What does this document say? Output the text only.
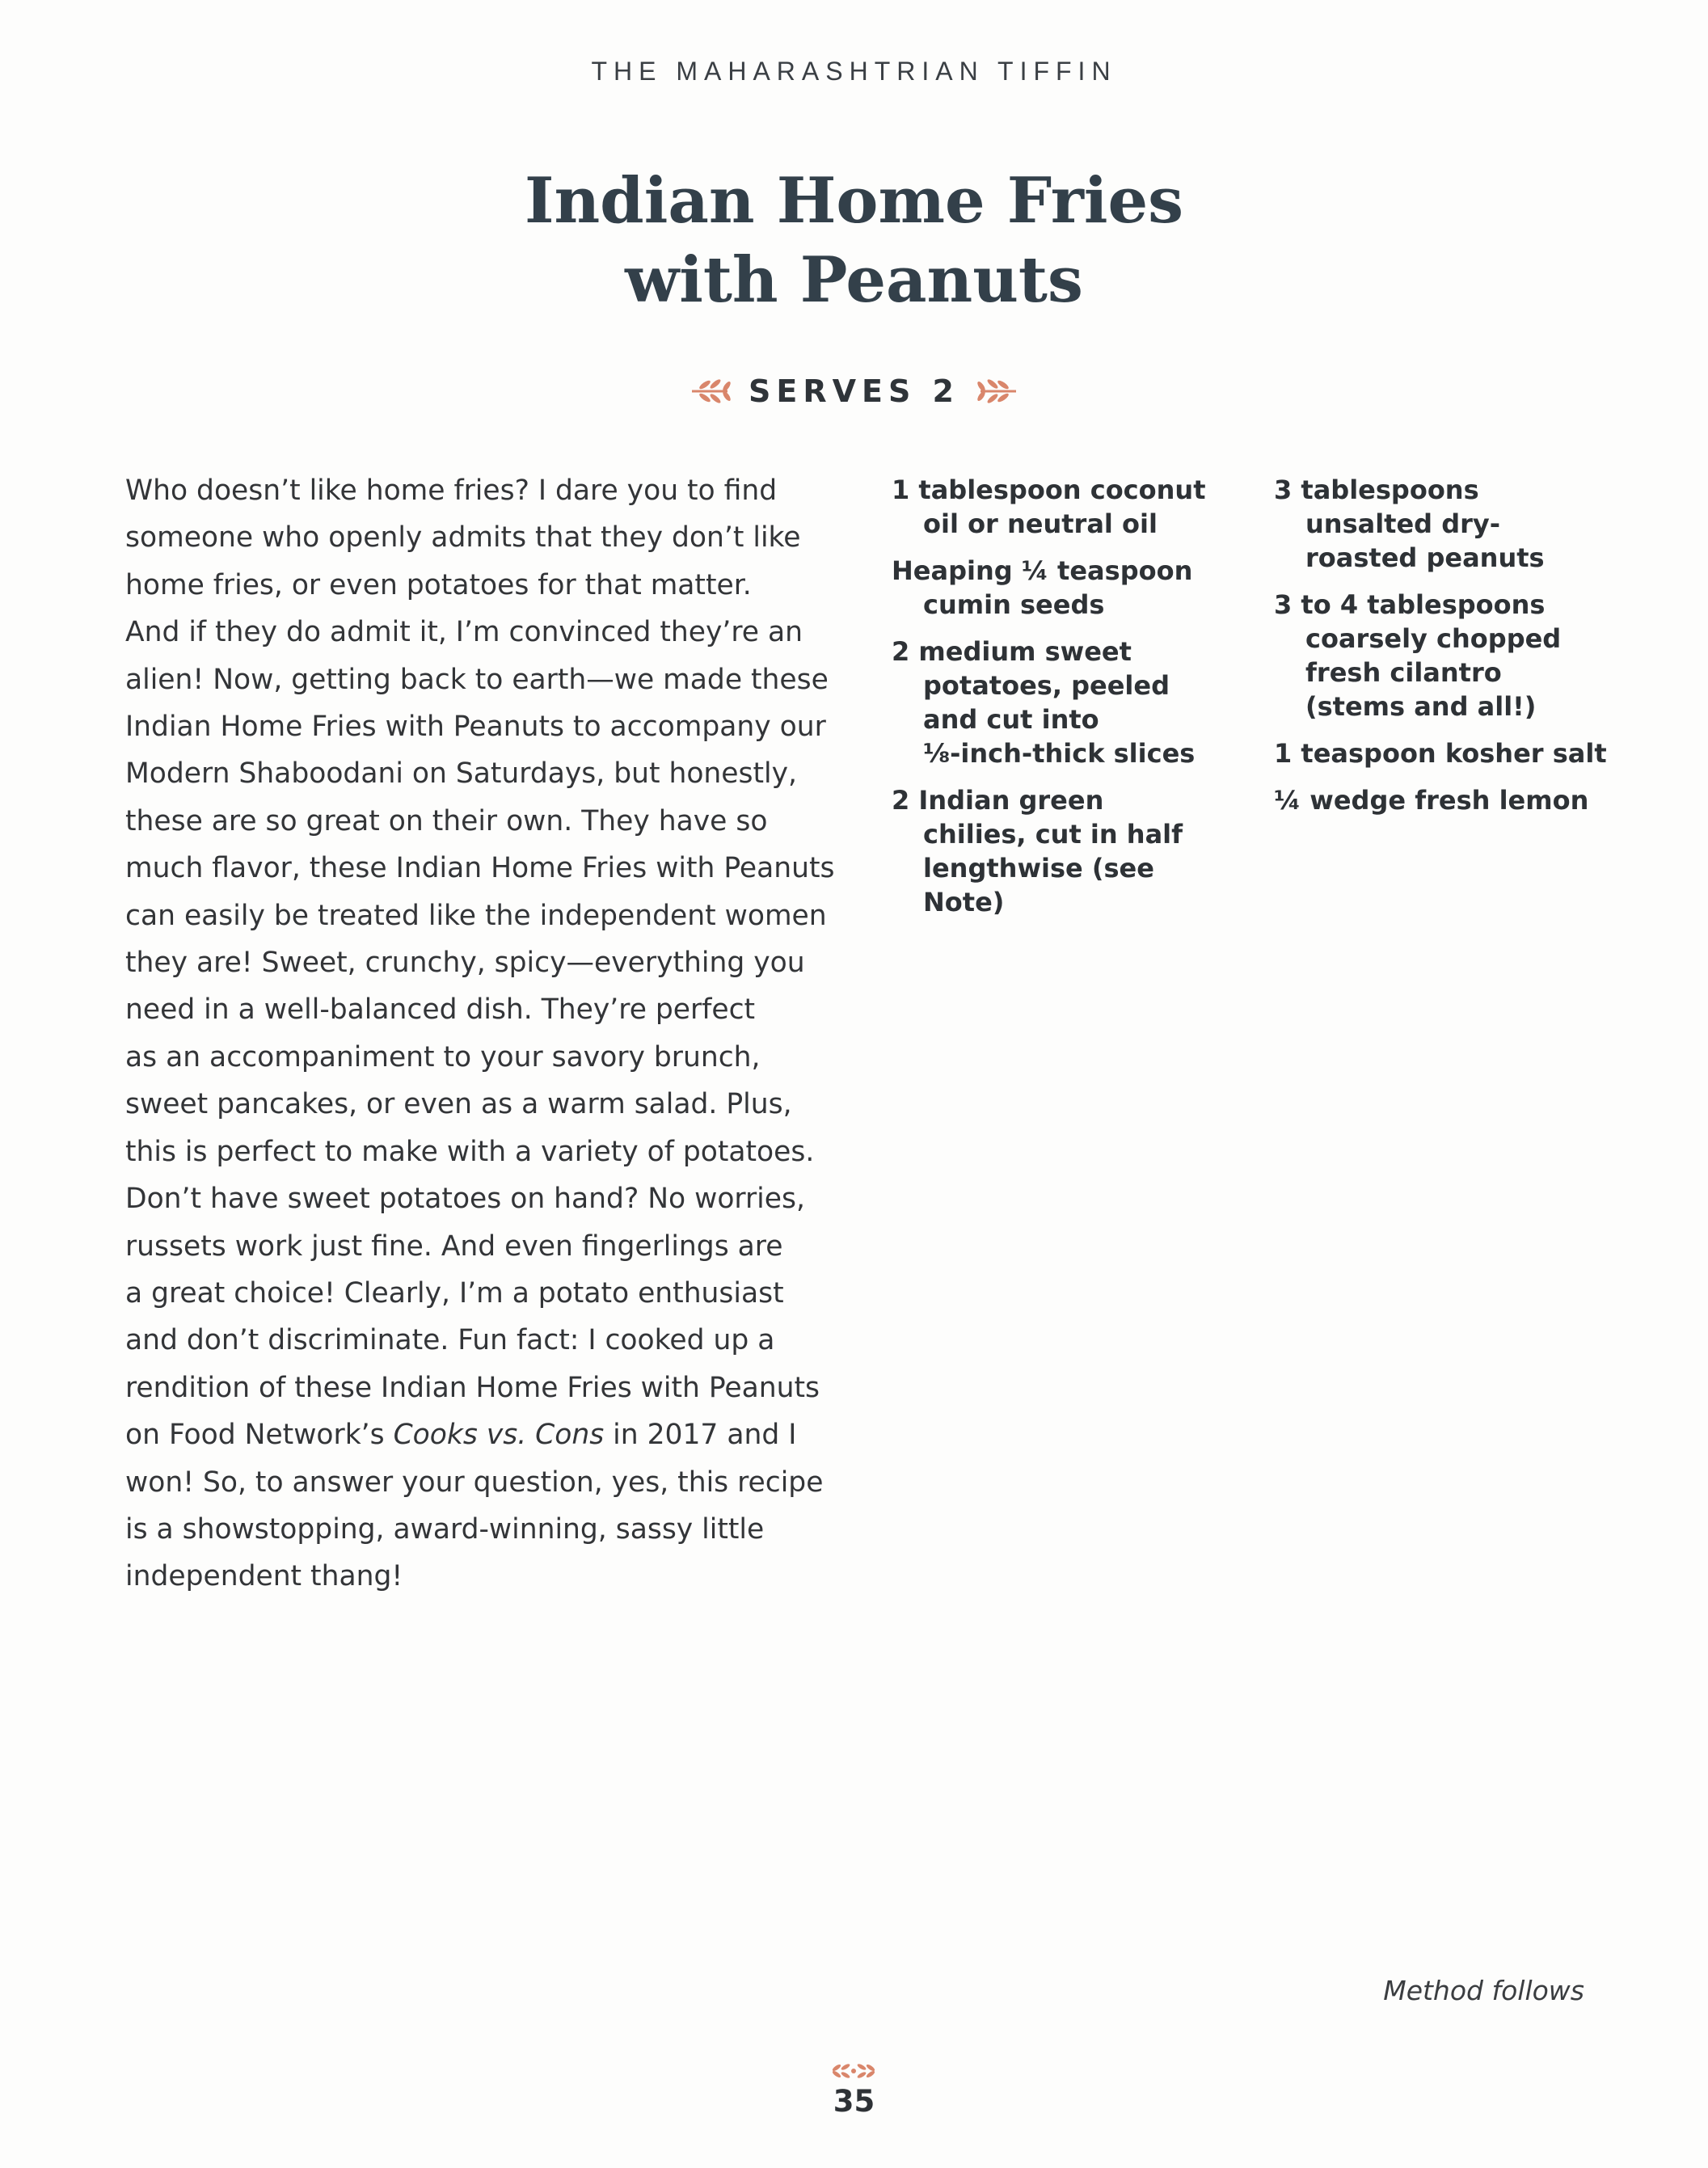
THE MAHARASHTRIAN TIFFIN
Indian Home Fries
with Peanuts
SERVES 2
Who doesn’t like home fries? I dare you to find
someone who openly admits that they don’t like
home fries, or even potatoes for that matter.
And if they do admit it, I’m convinced they’re an
alien! Now, getting back to earth—we made these
Indian Home Fries with Peanuts to accompany our
Modern Shaboodani on Saturdays, but honestly,
these are so great on their own. They have so
much flavor, these Indian Home Fries with Peanuts
can easily be treated like the independent women
they are! Sweet, crunchy, spicy—everything you
need in a well-balanced dish. They’re perfect
as an accompaniment to your savory brunch,
sweet pancakes, or even as a warm salad. Plus,
this is perfect to make with a variety of potatoes.
Don’t have sweet potatoes on hand? No worries,
russets work just fine. And even fingerlings are
a great choice! Clearly, I’m a potato enthusiast
and don’t discriminate. Fun fact: I cooked up a
rendition of these Indian Home Fries with Peanuts
on Food Network’s Cooks vs. Cons in 2017 and I
won! So, to answer your question, yes, this recipe
is a showstopping, award-winning, sassy little
independent thang!
1 tablespoon coconut
oil or neutral oil
Heaping ¼ teaspoon
cumin seeds
2 medium sweet
potatoes, peeled
and cut into
⅛-inch-thick slices
2 Indian green
chilies, cut in half
lengthwise (see
Note)
3 tablespoons
unsalted dry-
roasted peanuts
3 to 4 tablespoons
coarsely chopped
fresh cilantro
(stems and all!)
1 teaspoon kosher salt
¼ wedge fresh lemon
Method follows
35
